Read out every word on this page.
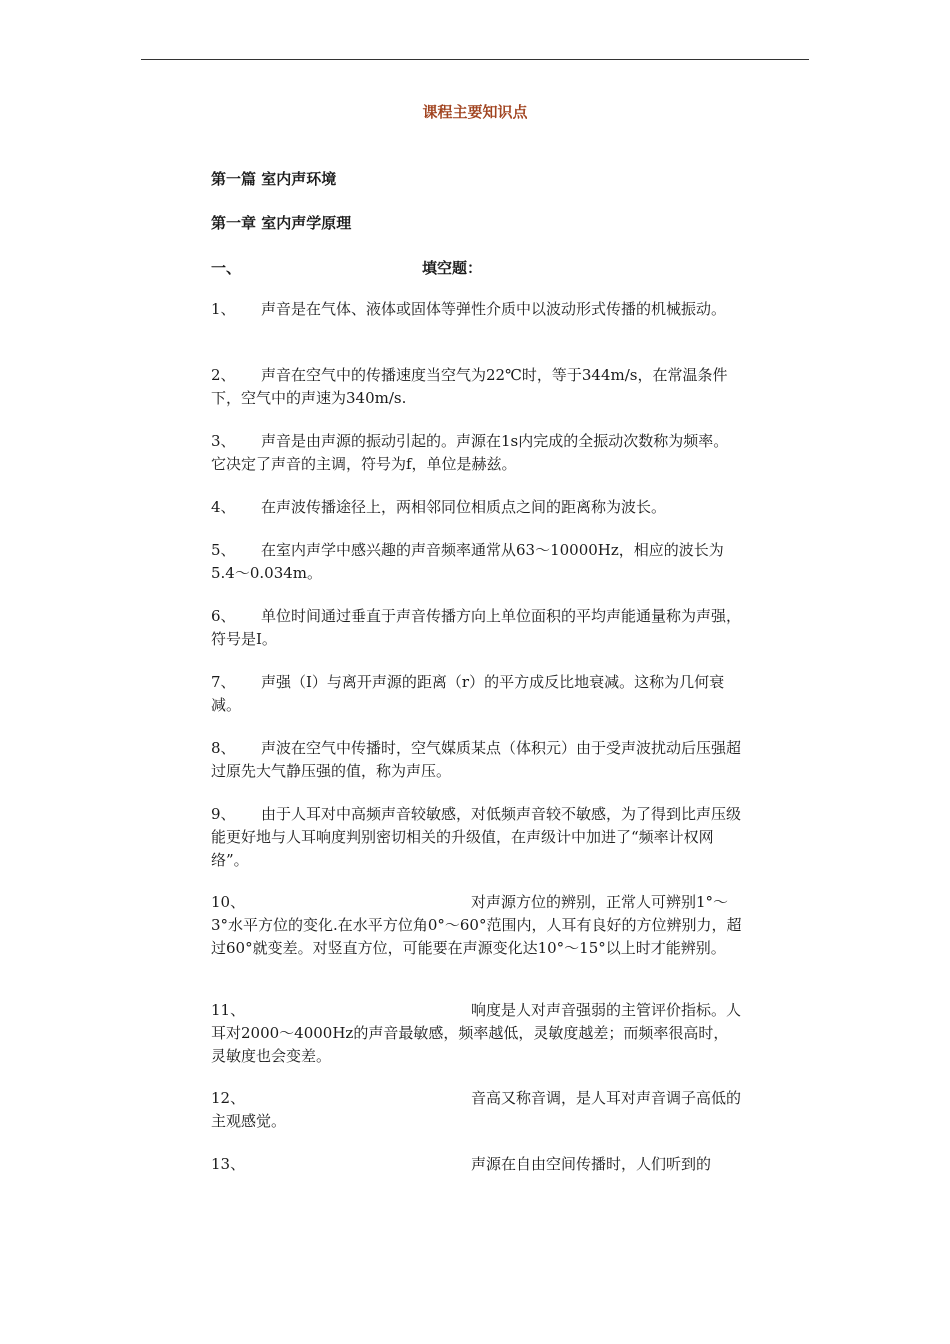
课程主要知识点
第一篇 室内声环境
第一章 室内声学原理
一、	填空题：
1、 声音是在气体、液体或固体等弹性介质中以波动形式传播的机械振动。
2、 声音在空气中的传播速度当空气为22℃时，等于344m/s，在常温条件下，空气中的声速为340m/s.
3、 声音是由声源的振动引起的。声源在1s内完成的全振动次数称为频率。它决定了声音的主调，符号为f，单位是赫兹。
4、 在声波传播途径上，两相邻同位相质点之间的距离称为波长。
5、 在室内声学中感兴趣的声音频率通常从63～10000Hz，相应的波长为5.4～0.034m。
6、 单位时间通过垂直于声音传播方向上单位面积的平均声能通量称为声强，符号是I。
7、 声强（I）与离开声源的距离（r）的平方成反比地衰减。这称为几何衰减。
8、 声波在空气中传播时，空气媒质某点（体积元）由于受声波扰动后压强超过原先大气静压强的值，称为声压。
9、 由于人耳对中高频声音较敏感，对低频声音较不敏感，为了得到比声压级能更好地与人耳响度判别密切相关的升级值，在声级计中加进了“频率计权网络”。
10、	对声源方位的辨别，正常人可辨别1°～3°水平方位的变化.在水平方位角0°～60°范围内，人耳有良好的方位辨别力，超过60°就变差。对竖直方位，可能要在声源变化达10°～15°以上时才能辨别。
11、	响度是人对声音强弱的主管评价指标。人耳对2000～4000Hz的声音最敏感，频率越低，灵敏度越差；而频率很高时，灵敏度也会变差。
12、	音高又称音调，是人耳对声音调子高低的主观感觉。
13、	声源在自由空间传播时，人们听到的
